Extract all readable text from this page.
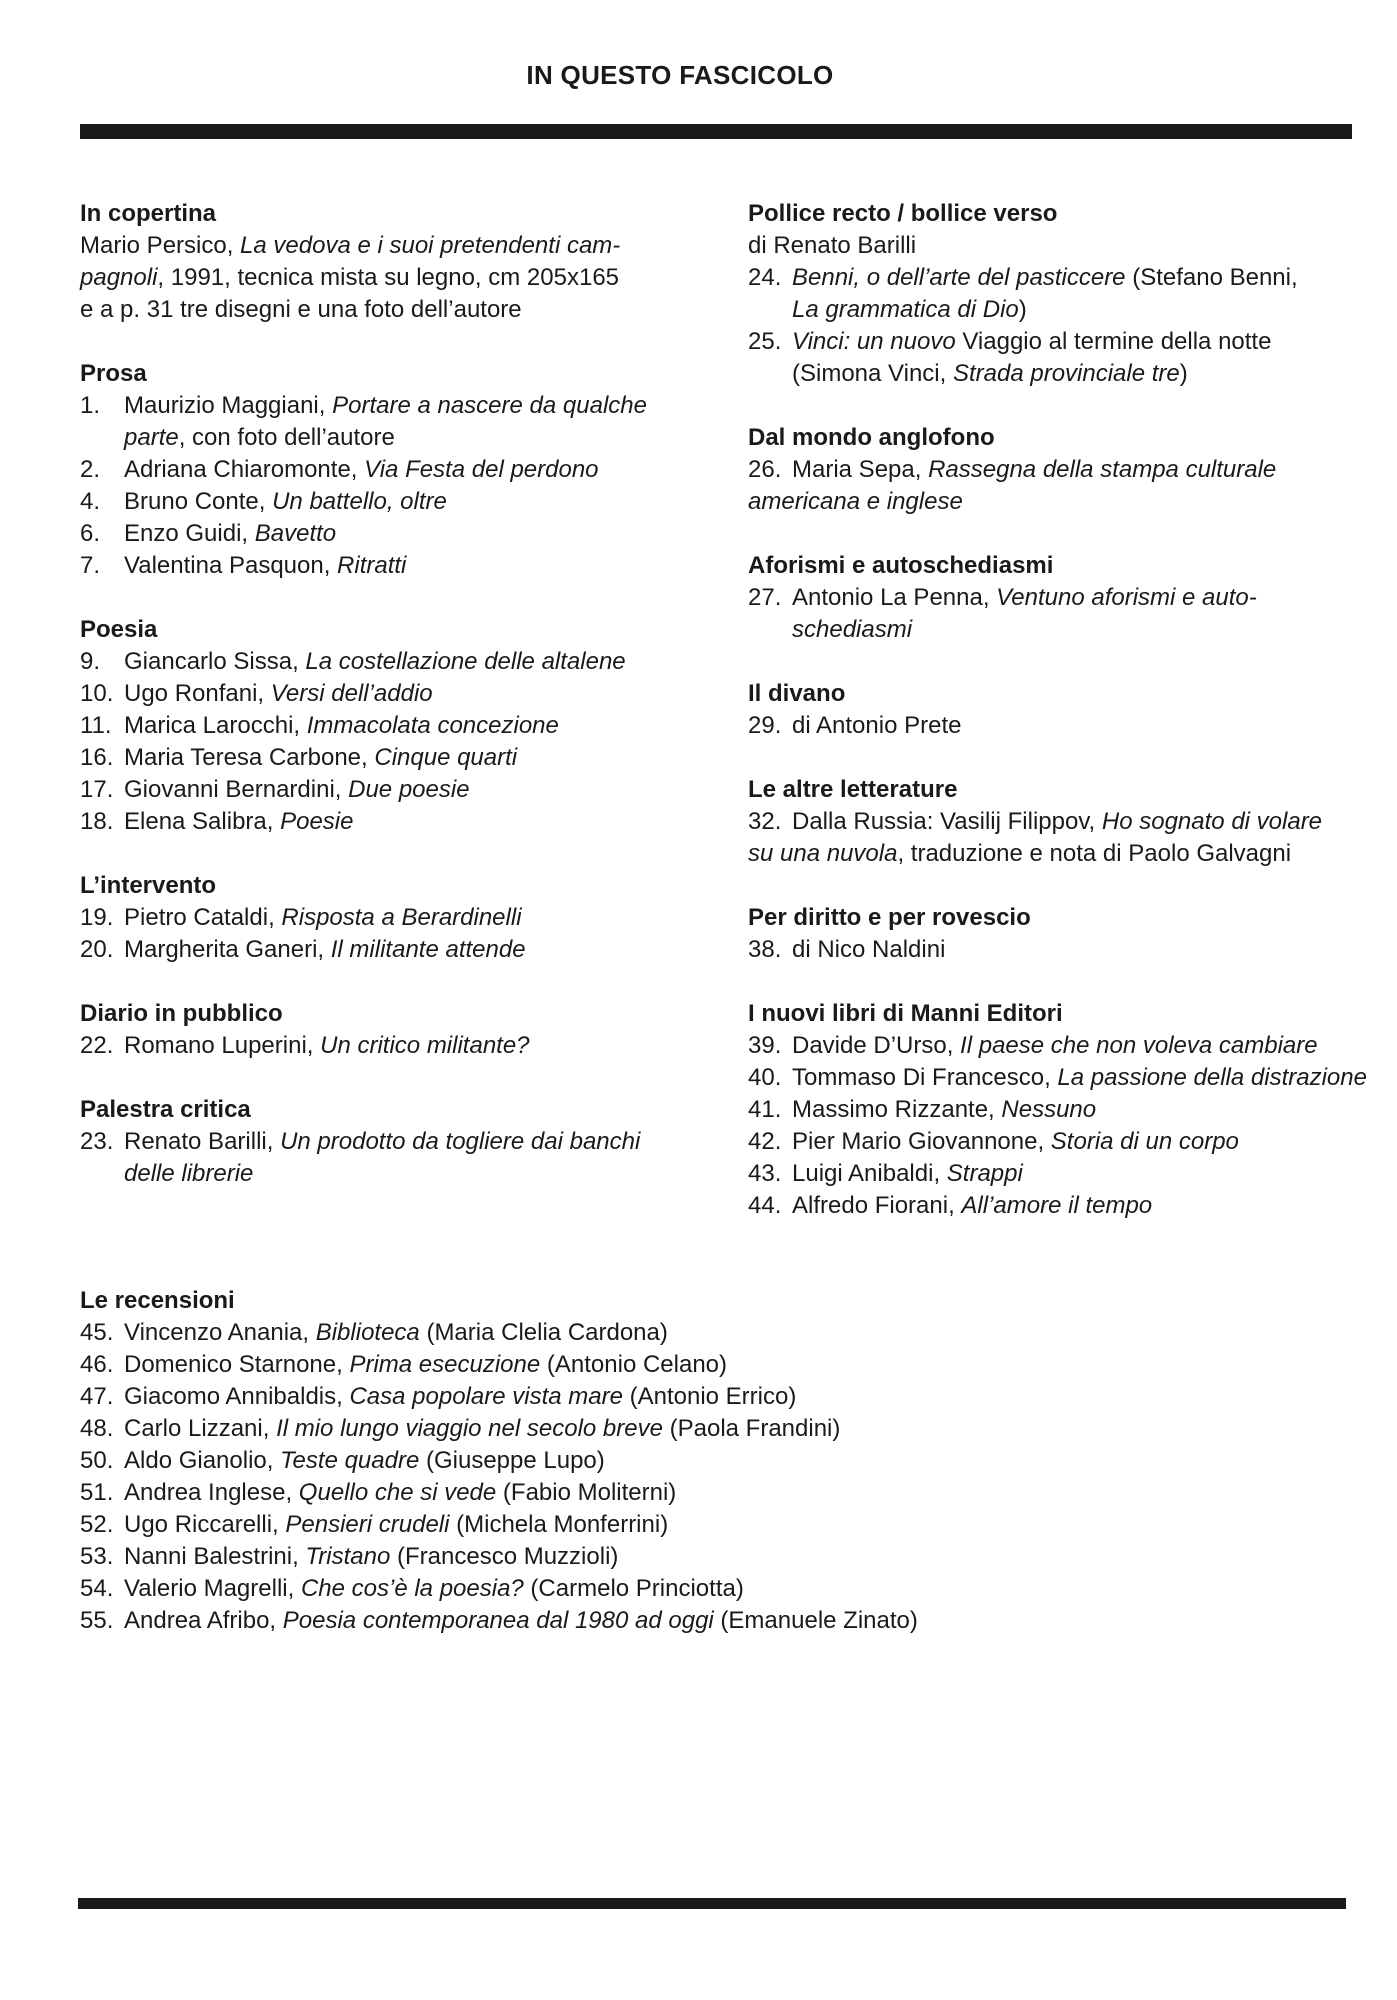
IN QUESTO FASCICOLO
In copertina
Mario Persico, La vedova e i suoi pretendenti cam-
pagnoli, 1991, tecnica mista su legno, cm 205x165
e a p. 31 tre disegni e una foto dell’autore
Prosa
1. Maurizio Maggiani, Portare a nascere da qualche
parte, con foto dell’autore
2. Adriana Chiaromonte, Via Festa del perdono
4. Bruno Conte, Un battello, oltre
6. Enzo Guidi, Bavetto
7. Valentina Pasquon, Ritratti
Poesia
9. Giancarlo Sissa, La costellazione delle altalene
10. Ugo Ronfani, Versi dell’addio
11. Marica Larocchi, Immacolata concezione
16. Maria Teresa Carbone, Cinque quarti
17. Giovanni Bernardini, Due poesie
18. Elena Salibra, Poesie
L’intervento
19. Pietro Cataldi, Risposta a Berardinelli
20. Margherita Ganeri, Il militante attende
Diario in pubblico
22. Romano Luperini, Un critico militante?
Palestra critica
23. Renato Barilli, Un prodotto da togliere dai banchi
delle librerie
Pollice recto / bollice verso
di Renato Barilli
24. Benni, o dell’arte del pasticcere (Stefano Benni,
La grammatica di Dio)
25. Vinci: un nuovo Viaggio al termine della notte
(Simona Vinci, Strada provinciale tre)
Dal mondo anglofono
26. Maria Sepa, Rassegna della stampa culturale
americana e inglese
Aforismi e autoschediasmi
27. Antonio La Penna, Ventuno aforismi e auto-
schediasmi
Il divano
29. di Antonio Prete
Le altre letterature
32. Dalla Russia: Vasilij Filippov, Ho sognato di volare
su una nuvola, traduzione e nota di Paolo Galvagni
Per diritto e per rovescio
38. di Nico Naldini
I nuovi libri di Manni Editori
39. Davide D’Urso, Il paese che non voleva cambiare
40. Tommaso Di Francesco, La passione della distrazione
41. Massimo Rizzante, Nessuno
42. Pier Mario Giovannone, Storia di un corpo
43. Luigi Anibaldi, Strappi
44. Alfredo Fiorani, All’amore il tempo
Le recensioni
45. Vincenzo Anania, Biblioteca (Maria Clelia Cardona)
46. Domenico Starnone, Prima esecuzione (Antonio Celano)
47. Giacomo Annibaldis, Casa popolare vista mare (Antonio Errico)
48. Carlo Lizzani, Il mio lungo viaggio nel secolo breve (Paola Frandini)
50. Aldo Gianolio, Teste quadre (Giuseppe Lupo)
51. Andrea Inglese, Quello che si vede (Fabio Moliterni)
52. Ugo Riccarelli, Pensieri crudeli (Michela Monferrini)
53. Nanni Balestrini, Tristano (Francesco Muzzioli)
54. Valerio Magrelli, Che cos’è la poesia? (Carmelo Princiotta)
55. Andrea Afribo, Poesia contemporanea dal 1980 ad oggi (Emanuele Zinato)
